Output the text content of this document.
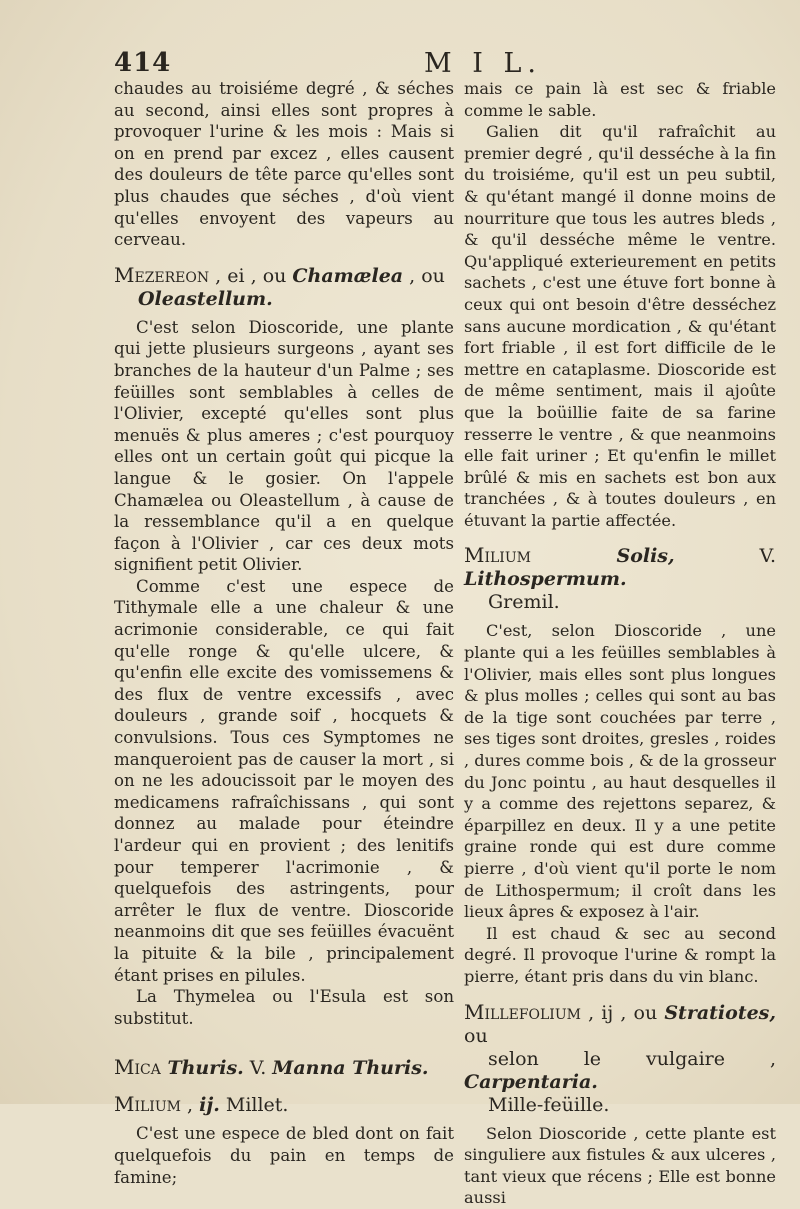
414	M I L.

chaudes au troisiéme degré , & séches au second, ainsi elles sont propres à provoquer l'urine & les mois : Mais si on en prend par excez , elles causent des douleurs de tête parce qu'elles sont plus chaudes que séches , d'où vient qu'elles envoyent des vapeurs au cerveau.

Mezereon , ei , ou Chamælea , ou
Oleastellum.

C'est selon Dioscoride, une plante qui jette plusieurs surgeons , ayant ses branches de la hauteur d'un Palme ; ses feüilles sont semblables à celles de l'Olivier, excepté qu'elles sont plus menuës & plus ameres ; c'est pourquoy elles ont un certain goût qui picque la langue & le gosier. On l'appele Chamælea ou Oleastellum , à cause de la ressemblance qu'il a en quelque façon à l'Olivier , car ces deux mots signifient petit Olivier.

Comme c'est une espece de Tithymale elle a une chaleur & une acrimonie considerable, ce qui fait qu'elle ronge & qu'elle ulcere, & qu'enfin elle excite des vomissemens & des flux de ventre excessifs , avec douleurs , grande soif , hocquets & convulsions. Tous ces Symptomes ne manqueroient pas de causer la mort , si on ne les adoucissoit par le moyen des medicamens rafraîchissans , qui sont donnez au malade pour éteindre l'ardeur qui en provient ; des lenitifs pour temperer l'acrimonie , & quelquefois des astringents, pour arrêter le flux de ventre. Dioscoride neanmoins dit que ses feüilles évacuënt la pituite & la bile , principalement étant prises en pilules.

La Thymelea ou l'Esula est son substitut.

Mica Thuris. V. Manna Thuris.
Milium , ij. Millet.

C'est une espece de bled dont on fait quelquefois du pain en temps de famine;

mais ce pain là est sec & friable comme le sable.

Galien dit qu'il rafraîchit au premier degré , qu'il desséche à la fin du troisiéme, qu'il est un peu subtil, & qu'étant mangé il donne moins de nourriture que tous les autres bleds , & qu'il desséche même le ventre. Qu'appliqué exterieurement en petits sachets , c'est une étuve fort bonne à ceux qui ont besoin d'être desséchez sans aucune mordication , & qu'étant fort friable , il est fort difficile de le mettre en cataplasme. Dioscoride est de même sentiment, mais il ajoûte que la boüillie faite de sa farine resserre le ventre , & que neanmoins elle fait uriner ; Et qu'enfin le millet brûlé & mis en sachets est bon aux tranchées , & à toutes douleurs , en étuvant la partie affectée.

Milium Solis, V. Lithospermum.
Gremil.

C'est, selon Dioscoride , une plante qui a les feüilles semblables à l'Olivier, mais elles sont plus longues & plus molles ; celles qui sont au bas de la tige sont couchées par terre , ses tiges sont droites, gresles , roides , dures comme bois , & de la grosseur du Jonc pointu , au haut desquelles il y a comme des rejettons separez, & éparpillez en deux. Il y a une petite graine ronde qui est dure comme pierre , d'où vient qu'il porte le nom de Lithospermum; il croît dans les lieux âpres & exposez à l'air.

Il est chaud & sec au second degré. Il provoque l'urine & rompt la pierre, étant pris dans du vin blanc.

Millefolium , ij , ou Stratiotes, ou
selon le vulgaire , Carpentaria.
Mille-feüille.

Selon Dioscoride , cette plante est singuliere aux fistules & aux ulceres , tant vieux que récens ; Elle est bonne aussi
